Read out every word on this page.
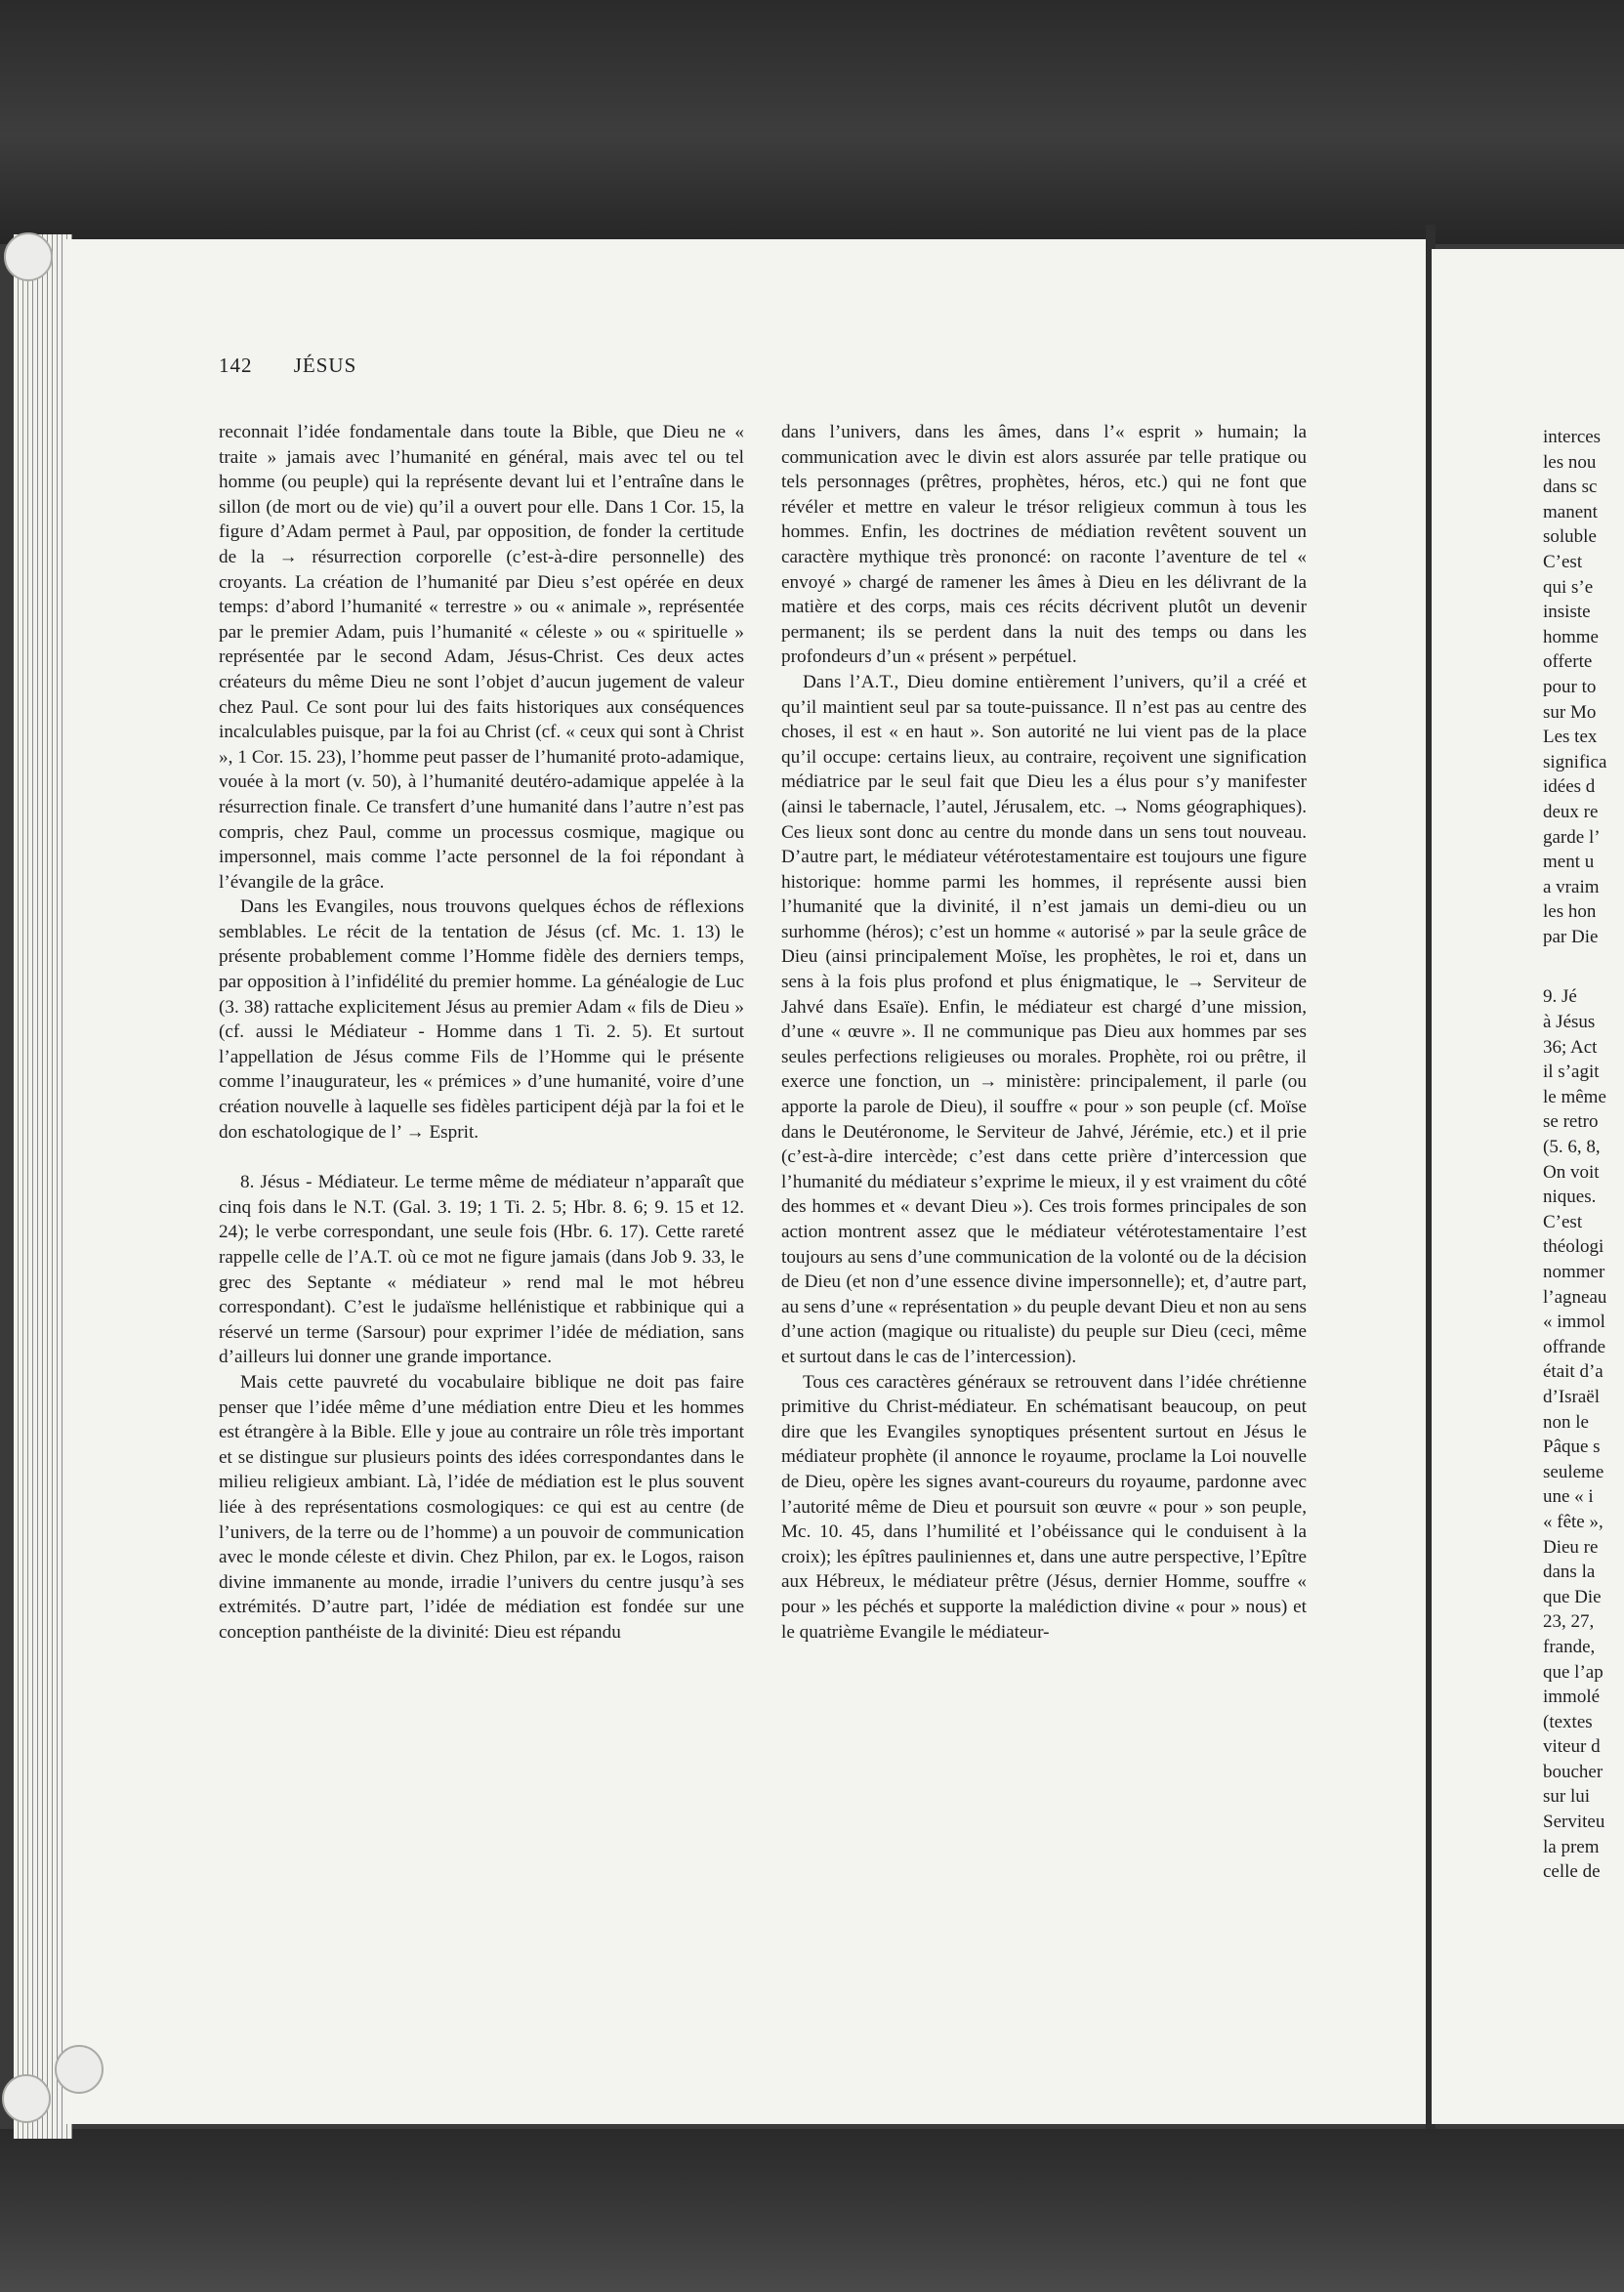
142 JÉSUS

reconnait l’idée fondamentale dans toute la Bible, que Dieu ne « traite » jamais avec l’humanité en général, mais avec tel ou tel homme (ou peuple) qui la représente devant lui et l’entraîne dans le sillon (de mort ou de vie) qu’il a ouvert pour elle. Dans 1 Cor. 15, la figure d’Adam permet à Paul, par opposition, de fonder la certitude de la → résurrection corporelle (c’est-à-dire personnelle) des croyants. La création de l’humanité par Dieu s’est opérée en deux temps: d’abord l’humanité « terrestre » ou « animale », représentée par le premier Adam, puis l’humanité « céleste » ou « spirituelle » représentée par le second Adam, Jésus-Christ. Ces deux actes créateurs du même Dieu ne sont l’objet d’aucun jugement de valeur chez Paul. Ce sont pour lui des faits historiques aux conséquences incalculables puisque, par la foi au Christ (cf. « ceux qui sont à Christ », 1 Cor. 15. 23), l’homme peut passer de l’humanité proto-adamique, vouée à la mort (v. 50), à l’humanité deutéro-adamique appelée à la résurrection finale. Ce transfert d’une humanité dans l’autre n’est pas compris, chez Paul, comme un processus cosmique, magique ou impersonnel, mais comme l’acte personnel de la foi répondant à l’évangile de la grâce.

Dans les Evangiles, nous trouvons quelques échos de réflexions semblables. Le récit de la tentation de Jésus (cf. Mc. 1. 13) le présente probablement comme l’Homme fidèle des derniers temps, par opposition à l’infidélité du premier homme. La généalogie de Luc (3. 38) rattache explicitement Jésus au premier Adam « fils de Dieu » (cf. aussi le Médiateur - Homme dans 1 Ti. 2. 5). Et surtout l’appellation de Jésus comme Fils de l’Homme qui le présente comme l’inaugurateur, les « prémices » d’une humanité, voire d’une création nouvelle à laquelle ses fidèles participent déjà par la foi et le don eschatologique de l’ → Esprit.

8. Jésus - Médiateur. Le terme même de médiateur n’apparaît que cinq fois dans le N.T. (Gal. 3. 19; 1 Ti. 2. 5; Hbr. 8. 6; 9. 15 et 12. 24); le verbe correspondant, une seule fois (Hbr. 6. 17). Cette rareté rappelle celle de l’A.T. où ce mot ne figure jamais (dans Job 9. 33, le grec des Septante « médiateur » rend mal le mot hébreu correspondant). C’est le judaïsme hellénistique et rabbinique qui a réservé un terme (Sarsour) pour exprimer l’idée de médiation, sans d’ailleurs lui donner une grande importance.

Mais cette pauvreté du vocabulaire biblique ne doit pas faire penser que l’idée même d’une médiation entre Dieu et les hommes est étrangère à la Bible. Elle y joue au contraire un rôle très important et se distingue sur plusieurs points des idées correspondantes dans le milieu religieux ambiant. Là, l’idée de médiation est le plus souvent liée à des représentations cosmologiques: ce qui est au centre (de l’univers, de la terre ou de l’homme) a un pouvoir de communication avec le monde céleste et divin. Chez Philon, par ex. le Logos, raison divine immanente au monde, irradie l’univers du centre jusqu’à ses extrémités. D’autre part, l’idée de médiation est fondée sur une conception panthéiste de la divinité: Dieu est répandu

dans l’univers, dans les âmes, dans l’« esprit » humain; la communication avec le divin est alors assurée par telle pratique ou tels personnages (prêtres, prophètes, héros, etc.) qui ne font que révéler et mettre en valeur le trésor religieux commun à tous les hommes. Enfin, les doctrines de médiation revêtent souvent un caractère mythique très prononcé: on raconte l’aventure de tel « envoyé » chargé de ramener les âmes à Dieu en les délivrant de la matière et des corps, mais ces récits décrivent plutôt un devenir permanent; ils se perdent dans la nuit des temps ou dans les profondeurs d’un « présent » perpétuel.

Dans l’A.T., Dieu domine entièrement l’univers, qu’il a créé et qu’il maintient seul par sa toute-puissance. Il n’est pas au centre des choses, il est « en haut ». Son autorité ne lui vient pas de la place qu’il occupe: certains lieux, au contraire, reçoivent une signification médiatrice par le seul fait que Dieu les a élus pour s’y manifester (ainsi le tabernacle, l’autel, Jérusalem, etc. → Noms géographiques). Ces lieux sont donc au centre du monde dans un sens tout nouveau. D’autre part, le médiateur vétérotestamentaire est toujours une figure historique: homme parmi les hommes, il représente aussi bien l’humanité que la divinité, il n’est jamais un demi-dieu ou un surhomme (héros); c’est un homme « autorisé » par la seule grâce de Dieu (ainsi principalement Moïse, les prophètes, le roi et, dans un sens à la fois plus profond et plus énigmatique, le → Serviteur de Jahvé dans Esaïe). Enfin, le médiateur est chargé d’une mission, d’une « œuvre ». Il ne communique pas Dieu aux hommes par ses seules perfections religieuses ou morales. Prophète, roi ou prêtre, il exerce une fonction, un → ministère: principalement, il parle (ou apporte la parole de Dieu), il souffre « pour » son peuple (cf. Moïse dans le Deutéronome, le Serviteur de Jahvé, Jérémie, etc.) et il prie (c’est-à-dire intercède; c’est dans cette prière d’intercession que l’humanité du médiateur s’exprime le mieux, il y est vraiment du côté des hommes et « devant Dieu »). Ces trois formes principales de son action montrent assez que le médiateur vétérotestamentaire l’est toujours au sens d’une communication de la volonté ou de la décision de Dieu (et non d’une essence divine impersonnelle); et, d’autre part, au sens d’une « représentation » du peuple devant Dieu et non au sens d’une action (magique ou ritualiste) du peuple sur Dieu (ceci, même et surtout dans le cas de l’intercession).

Tous ces caractères généraux se retrouvent dans l’idée chrétienne primitive du Christ-médiateur. En schématisant beaucoup, on peut dire que les Evangiles synoptiques présentent surtout en Jésus le médiateur prophète (il annonce le royaume, proclame la Loi nouvelle de Dieu, opère les signes avant-coureurs du royaume, pardonne avec l’autorité même de Dieu et poursuit son œuvre « pour » son peuple, Mc. 10. 45, dans l’humilité et l’obéissance qui le conduisent à la croix); les épîtres pauliniennes et, dans une autre perspective, l’Epître aux Hébreux, le médiateur prêtre (Jésus, dernier Homme, souffre « pour » les péchés et supporte la malédiction divine « pour » nous) et le quatrième Evangile le médiateur-

interces
les nou
dans sc
manent
soluble
C’est
qui s’e
insiste
homme
offerte
pour to
sur Mo
Les tex
significa
idées d
deux re
garde l’
ment u
a vraim
les hon
par Die
9. Jé
à Jésus
36; Act
il s’agit
le même
se retro
(5. 6, 8,
On voit
niques.
C’est
théologi
nommer
l’agneau
« immol
offrande
était d’a
d’Israël
non le
Pâque s
seuleme
une « i
« fête »,
Dieu re
dans la
que Die
23, 27,
frande,
que l’ap
immolé
(textes
viteur d
boucher
sur lui
Serviteu
la prem
celle de
